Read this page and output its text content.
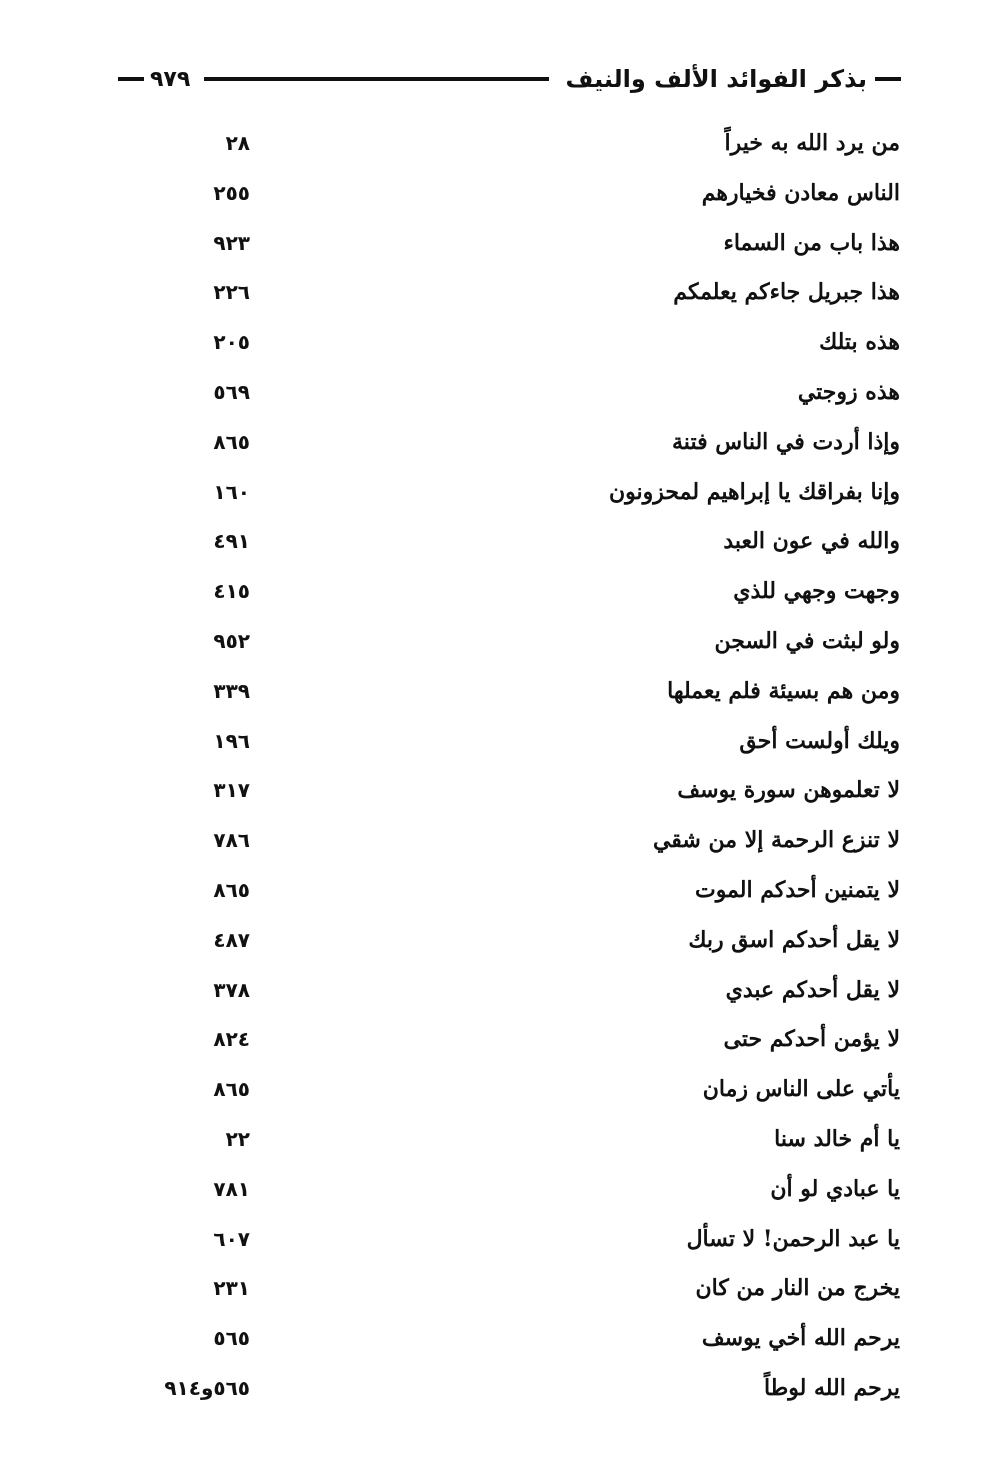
بذكر الفوائد الألف والنيف
٩٧٩
من يرد الله به خيراً
٢٨
الناس معادن فخيارهم
٢٥٥
هذا باب من السماء
٩٢٣
هذا جبريل جاءكم يعلمكم
٢٢٦
هذه بتلك
٢٠٥
هذه زوجتي
٥٦٩
وإذا أردت في الناس فتنة
٨٦٥
وإنا بفراقك يا إبراهيم لمحزونون
١٦٠
والله في عون العبد
٤٩١
وجهت وجهي للذي
٤١٥
ولو لبثت في السجن
٩٥٢
ومن هم بسيئة فلم يعملها
٣٣٩
ويلك أولست أحق
١٩٦
لا تعلموهن سورة يوسف
٣١٧
لا تنزع الرحمة إلا من شقي
٧٨٦
لا يتمنين أحدكم الموت
٨٦٥
لا يقل أحدكم اسق ربك
٤٨٧
لا يقل أحدكم عبدي
٣٧٨
لا يؤمن أحدكم حتى
٨٢٤
يأتي على الناس زمان
٨٦٥
يا أم خالد سنا
٢٢
يا عبادي لو أن
٧٨١
يا عبد الرحمن! لا تسأل
٦٠٧
يخرج من النار من كان
٢٣١
يرحم الله أخي يوسف
٥٦٥
يرحم الله لوطاً
٥٦٥و٩١٤
